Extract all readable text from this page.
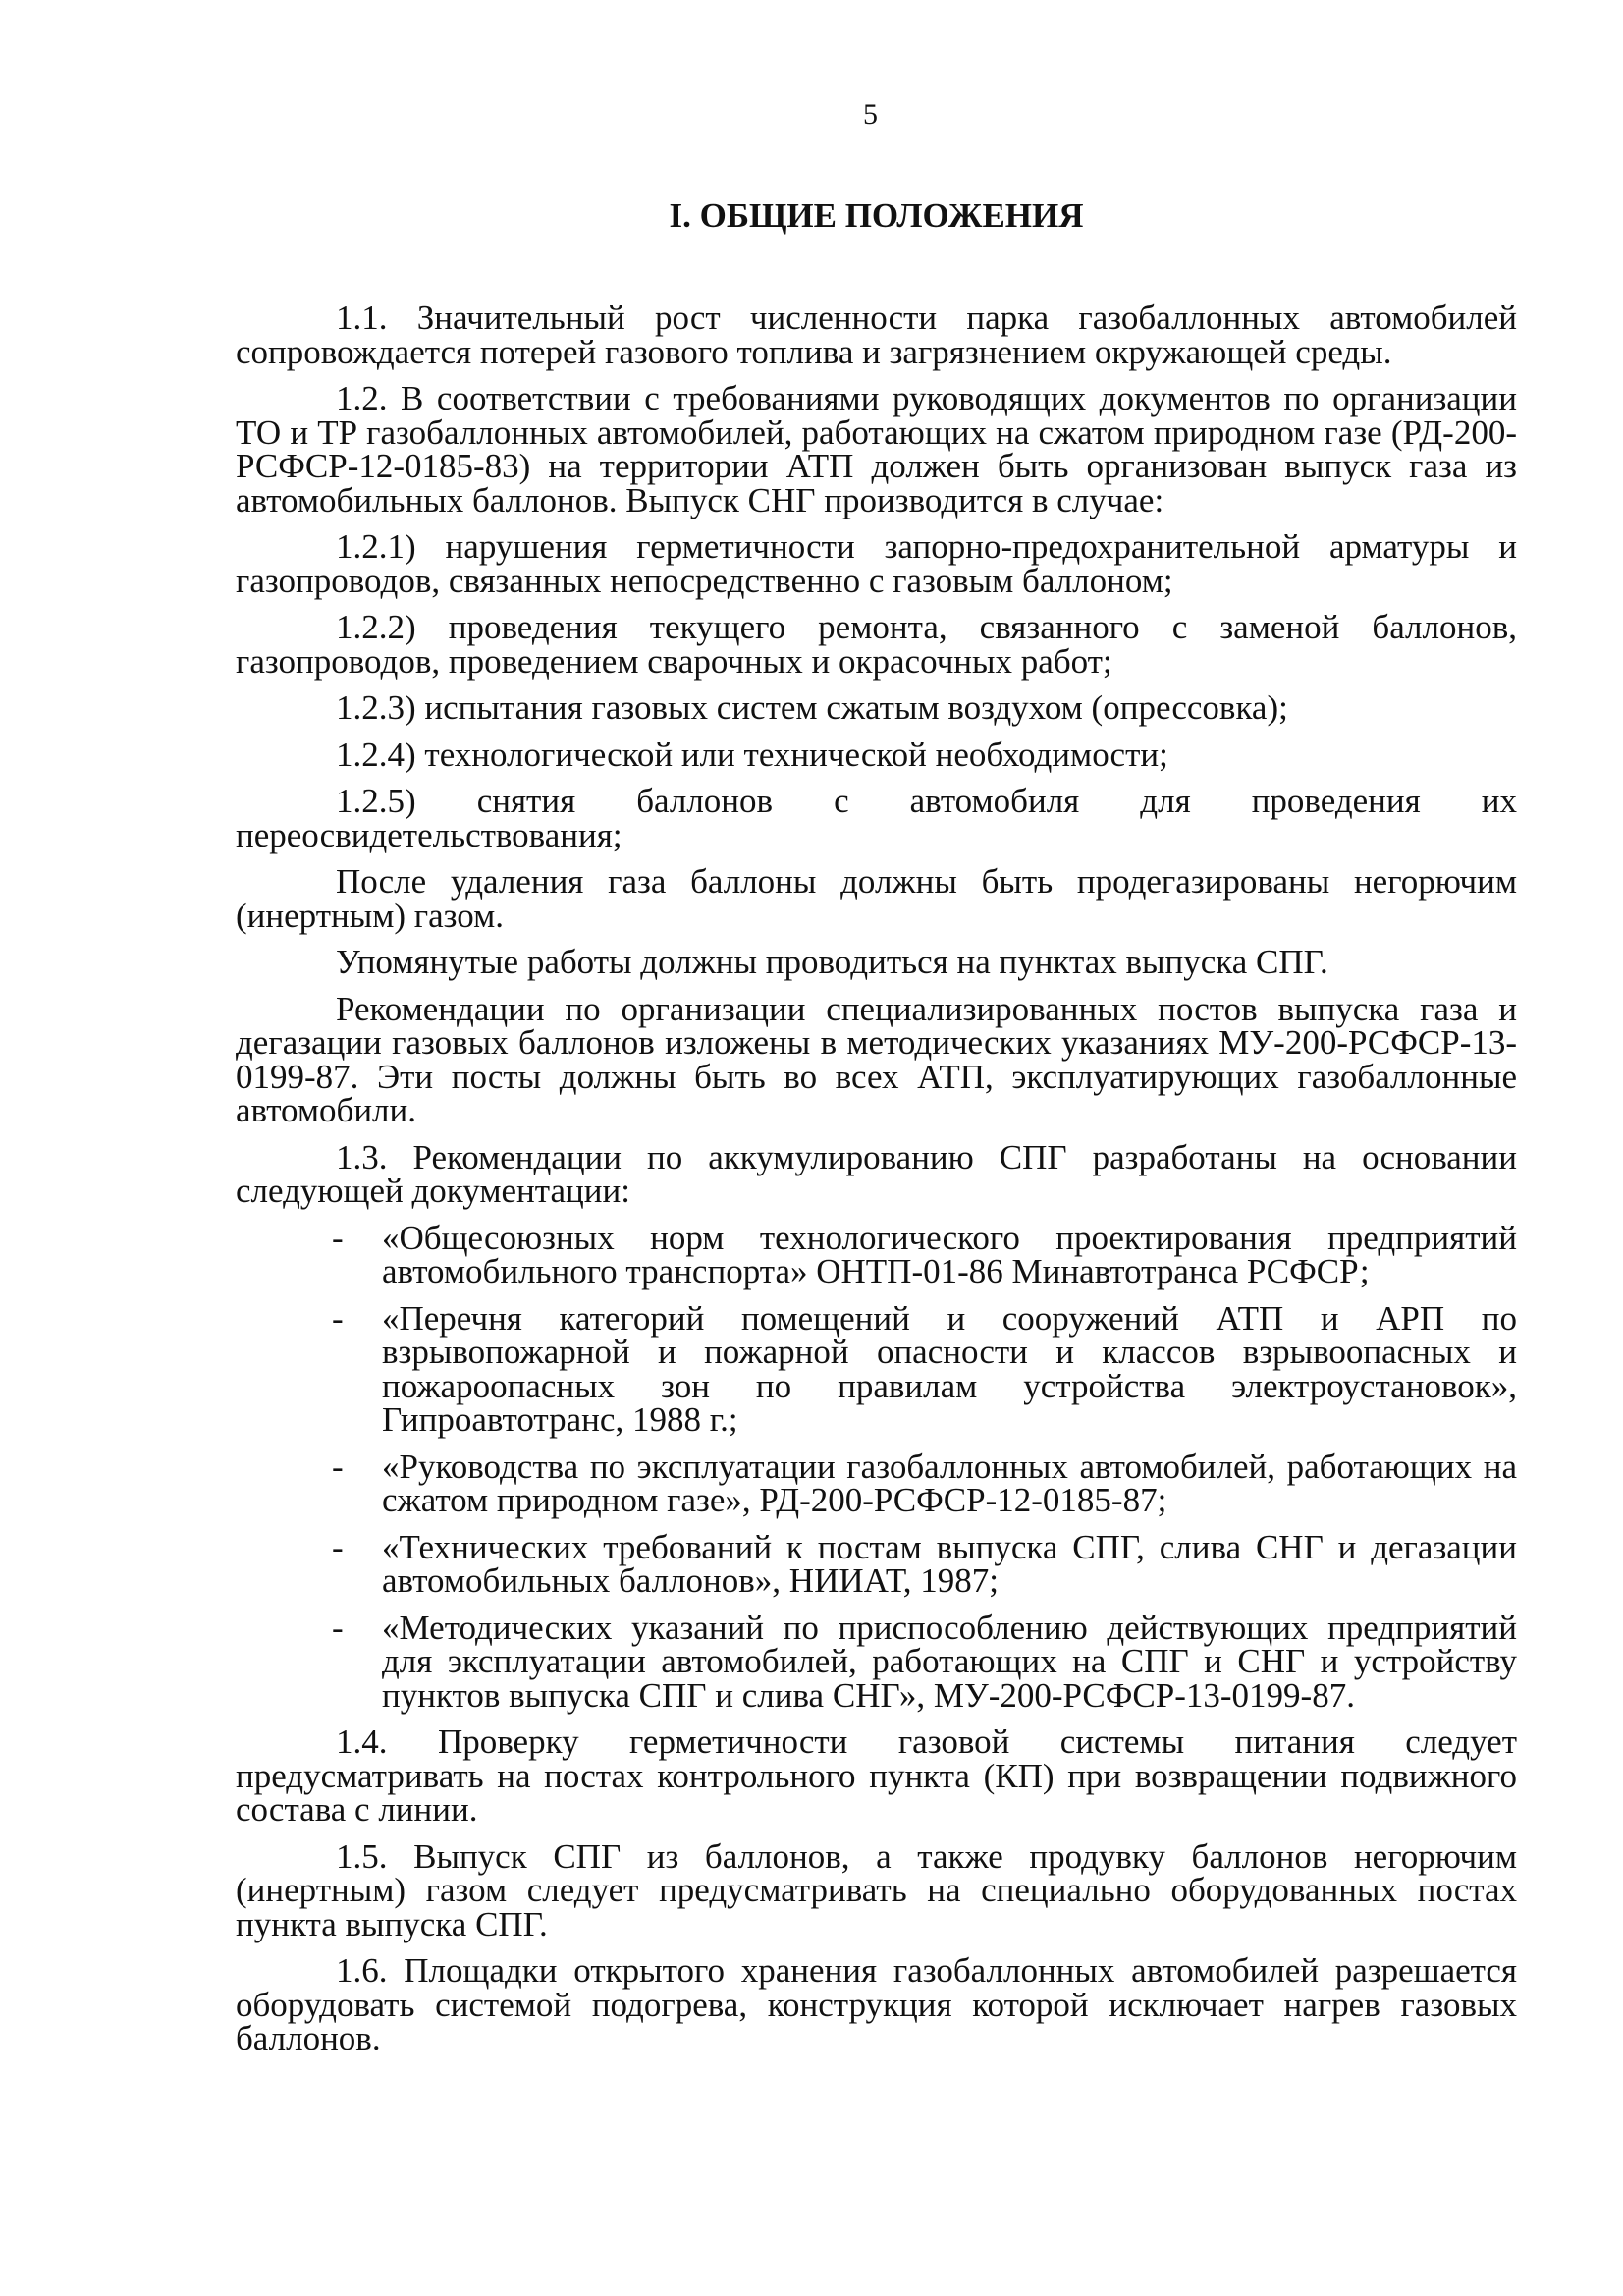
5
I. ОБЩИЕ ПОЛОЖЕНИЯ

1.1. Значительный рост численности парка газобаллонных автомобилей сопровождается потерей газового топлива и загрязнением окружающей среды.

1.2. В соответствии с требованиями руководящих документов по организации ТО и ТР газобаллонных автомобилей, работающих на сжатом природном газе (РД-200-РСФСР-12-0185-83) на территории АТП должен быть организован выпуск газа из автомобильных баллонов. Выпуск СНГ производится в случае:

1.2.1) нарушения герметичности запорно-предохранительной арматуры и газопроводов, связанных непосредственно с газовым баллоном;

1.2.2) проведения текущего ремонта, связанного с заменой баллонов, газопроводов, проведением сварочных и окрасочных работ;

1.2.3) испытания газовых систем сжатым воздухом (опрессовка);

1.2.4) технологической или технической необходимости;

1.2.5) снятия баллонов с автомобиля для проведения их переосвидетельствования;

После удаления газа баллоны должны быть продегазированы негорючим (инертным) газом.

Упомянутые работы должны проводиться на пунктах выпуска СПГ.

Рекомендации по организации специализированных постов выпуска газа и дегазации газовых баллонов изложены в методических указаниях МУ-200-РСФСР-13-0199-87. Эти посты должны быть во всех АТП, эксплуатирующих газобаллонные автомобили.

1.3. Рекомендации по аккумулированию СПГ разработаны на основании следующей документации:

- «Общесоюзных норм технологического проектирования предприятий автомобильного транспорта» ОНТП-01-86 Минавтотранса РСФСР;
- «Перечня категорий помещений и сооружений АТП и АРП по взрывопожарной и пожарной опасности и классов взрывоопасных и пожароопасных зон по правилам устройства электроустановок», Гипроавтотранс, 1988 г.;
- «Руководства по эксплуатации газобаллонных автомобилей, работающих на сжатом природном газе», РД-200-РСФСР-12-0185-87;
- «Технических требований к постам выпуска СПГ, слива СНГ и дегазации автомобильных баллонов», НИИАТ, 1987;
- «Методических указаний по приспособлению действующих предприятий для эксплуатации автомобилей, работающих на СПГ и СНГ и устройству пунктов выпуска СПГ и слива СНГ», МУ-200-РСФСР-13-0199-87.

1.4. Проверку герметичности газовой системы питания следует предусматривать на постах контрольного пункта (КП) при возвращении подвижного состава с линии.

1.5. Выпуск СПГ из баллонов, а также продувку баллонов негорючим (инертным) газом следует предусматривать на специально оборудованных постах пункта выпуска СПГ.

1.6. Площадки открытого хранения газобаллонных автомобилей разрешается оборудовать системой подогрева, конструкция которой исключает нагрев газовых баллонов.
